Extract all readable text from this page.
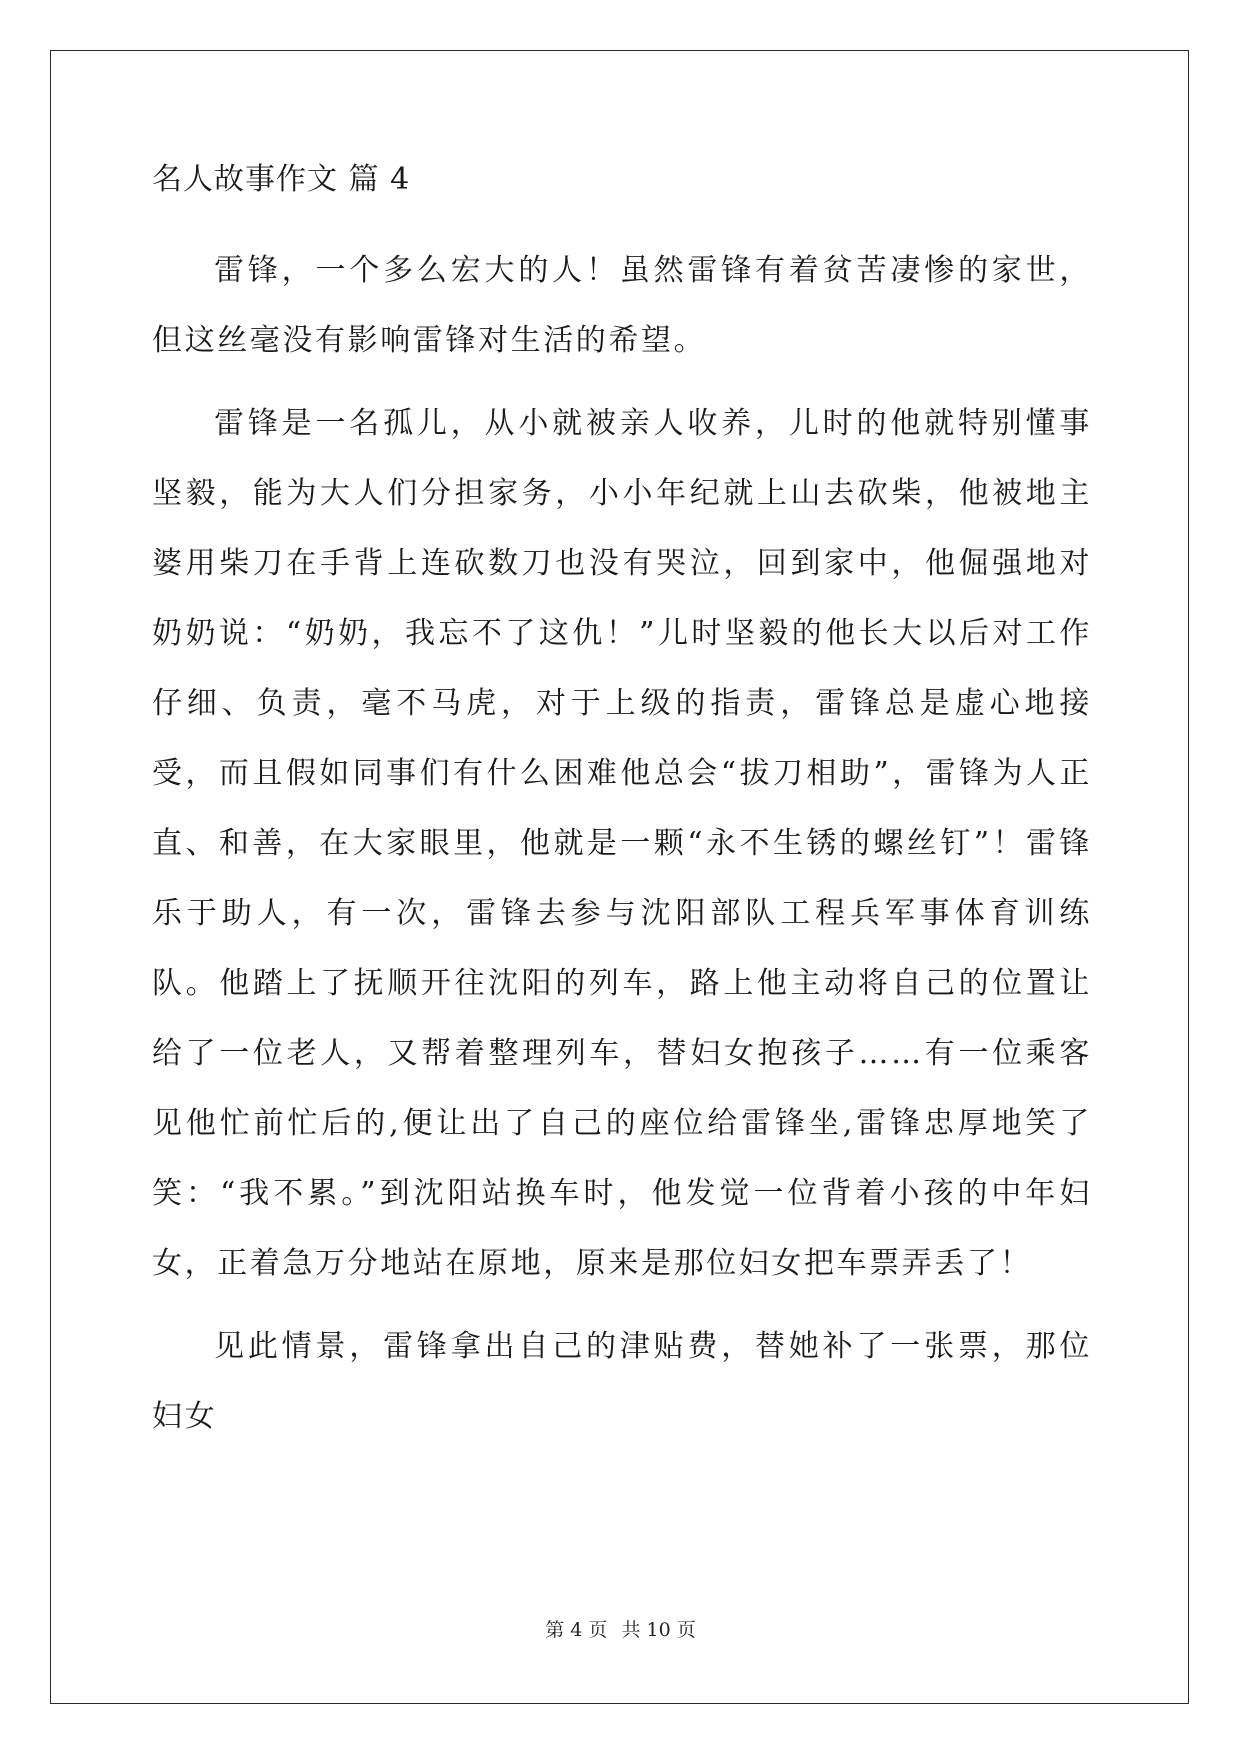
名人故事作文 篇 4

雷锋，一个多么宏大的人！虽然雷锋有着贫苦凄惨的家世，但这丝毫没有影响雷锋对生活的希望。

雷锋是一名孤儿，从小就被亲人收养，儿时的他就特别懂事坚毅，能为大人们分担家务，小小年纪就上山去砍柴，他被地主婆用柴刀在手背上连砍数刀也没有哭泣，回到家中，他倔强地对奶奶说：“奶奶，我忘不了这仇！”儿时坚毅的他长大以后对工作仔细、负责，毫不马虎，对于上级的指责，雷锋总是虚心地接受，而且假如同事们有什么困难他总会“拔刀相助”，雷锋为人正直、和善，在大家眼里，他就是一颗“永不生锈的螺丝钉”！雷锋乐于助人，有一次，雷锋去参与沈阳部队工程兵军事体育训练队。他踏上了抚顺开往沈阳的列车，路上他主动将自己的位置让给了一位老人，又帮着整理列车，替妇女抱孩子……有一位乘客见他忙前忙后的,便让出了自己的座位给雷锋坐,雷锋忠厚地笑了笑：“我不累。”到沈阳站换车时，他发觉一位背着小孩的中年妇女，正着急万分地站在原地，原来是那位妇女把车票弄丢了！

见此情景，雷锋拿出自己的津贴费，替她补了一张票，那位妇女

第 4 页 共 10 页
